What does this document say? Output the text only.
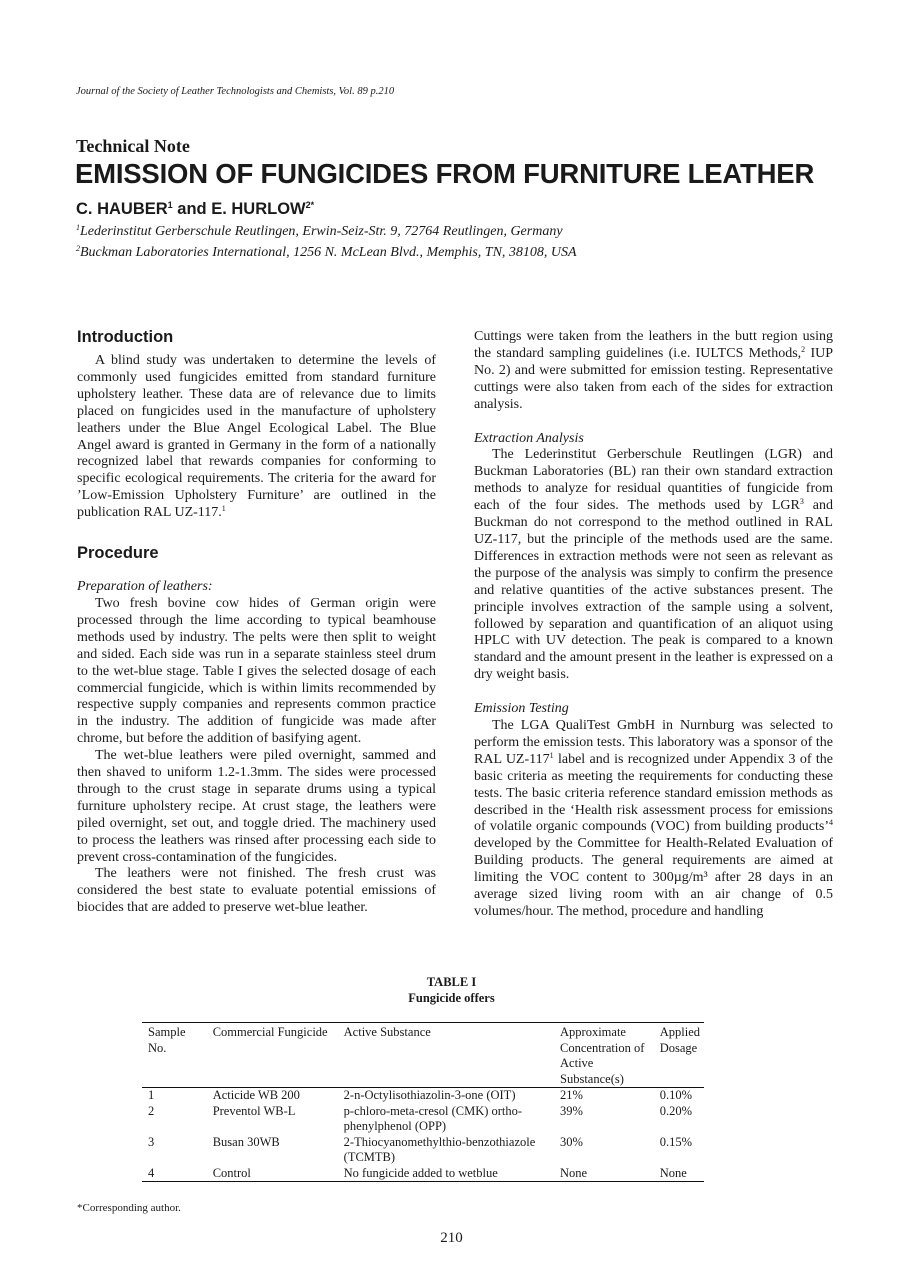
Journal of the Society of Leather Technologists and Chemists, Vol. 89 p.210
Technical Note
EMISSION OF FUNGICIDES FROM FURNITURE LEATHER
C. HAUBER$^1$ and E. $HURLOW^{2*}$
$^1$Lederinstitut Gerberschule Reutlingen, Erwin-Seiz-Str. 9, 72764 Reutlingen, Germany
$^2$Buckman Laboratories International, 1256 N. McLean Blvd., Memphis, TN, 38108, USA
Introduction

A blind study was undertaken to determine the levels of commonly used fungicides emitted from standard furniture upholstery leather. These data are of relevance due to limits placed on fungicides used in the manufacture of upholstery leathers under the Blue Angel Ecological Label. The Blue Angel award is granted in Germany in the form of a nationally recognized label that rewards companies for conforming to specific ecological requirements. The criteria for the award for ’Low-Emission Upholstery Furniture’ are outlined in the publication RAL UZ-117.$^1$

Procedure

Preparation of leathers:

Two fresh bovine cow hides of German origin were processed through the lime according to typical beamhouse methods used by industry. The pelts were then split to weight and sided. Each side was run in a separate stainless steel drum to the wet-blue stage. Table I gives the selected dosage of each commercial fungicide, which is within limits recommended by respective supply companies and represents common practice in the industry. The addition of fungicide was made after chrome, but before the addition of basifying agent.

The wet-blue leathers were piled overnight, sammed and then shaved to uniform 1.2-1.3mm. The sides were processed through to the crust stage in separate drums using a typical furniture upholstery recipe. At crust stage, the leathers were piled overnight, set out, and toggle dried. The machinery used to process the leathers was rinsed after processing each side to prevent cross-contamination of the fungicides.

The leathers were not finished. The fresh crust was considered the best state to evaluate potential emissions of biocides that are added to preserve wet-blue leather.

Cuttings were taken from the leathers in the butt region using the standard sampling guidelines (i.e. IULTCS Methods,$^2$ IUP No. 2) and were submitted for emission testing. Representative cuttings were also taken from each of the sides for extraction analysis.

Extraction Analysis

The Lederinstitut Gerberschule Reutlingen (LGR) and Buckman Laboratories (BL) ran their own standard extraction methods to analyze for residual quantities of fungicide from each of the four sides. The methods used by LGR$^3$ and Buckman do not correspond to the method outlined in RAL UZ-117, but the principle of the methods used are the same. Differences in extraction methods were not seen as relevant as the purpose of the analysis was simply to confirm the presence and relative quantities of the active substances present. The principle involves extraction of the sample using a solvent, followed by separation and quantification of an aliquot using HPLC with UV detection. The peak is compared to a known standard and the amount present in the leather is expressed on a dry weight basis.

Emission Testing

The LGA QualiTest GmbH in Nurnburg was selected to perform the emission tests. This laboratory was a sponsor of the RAL UZ-117$^1$ label and is recognized under Appendix 3 of the basic criteria as meeting the requirements for conducting these tests. The basic criteria reference standard emission methods as described in the ‘Health risk assessment process for emissions of volatile organic compounds (VOC) from building products’$^4$ developed by the Committee for Health-Related Evaluation of Building products. The general requirements are aimed at limiting the VOC content to 300µg/m³ after 28 days in an average sized living room with an air change of 0.5 volumes/hour. The method, procedure and handling

TABLE I
Fungicide offers
Sample No.	Commercial Fungicide	Active Substance	Approximate Concentration of Active Substance(s)	Applied Dosage
1	Acticide WB 200	2-n-Octylisothiazolin-3-one (OIT)	21%	0.10%
2	Preventol WB-L	p-chloro-meta-cresol (CMK) ortho-phenylphenol (OPP)	39%	0.20%
3	Busan 30WB	2-Thiocyanomethylthio-benzothiazole (TCMTB)	30%	0.15%
4	Control	No fungicide added to wetblue	None	None
*Corresponding author.
210
